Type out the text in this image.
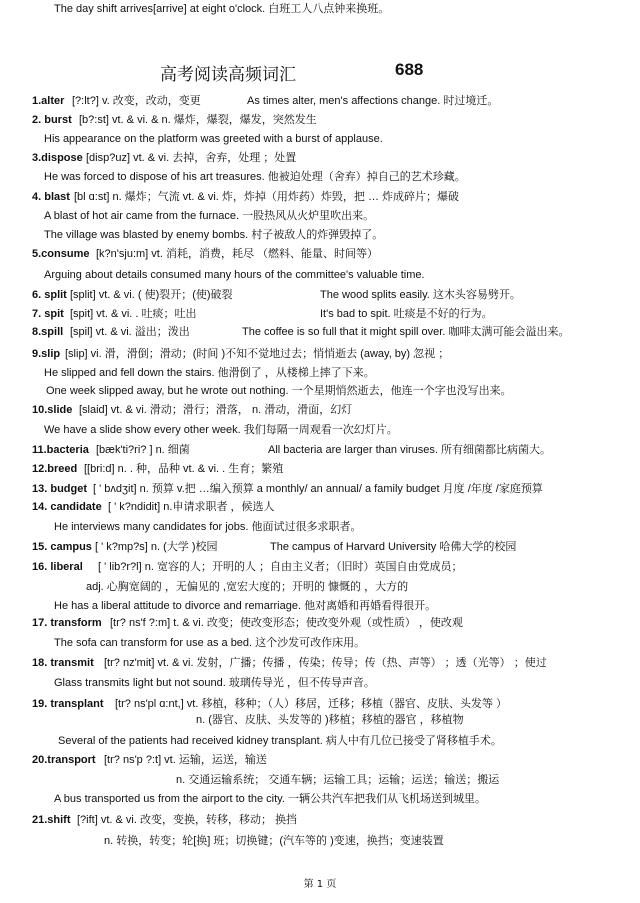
高考阅读高频词汇	688
1.alter [?:lt?] v. 改变，改动，变更	As times alter, men's affections change. 时过境迁。
2. burst [b?:st] vt. & vi. & n. 爆炸，爆裂，爆发，突然发生
His appearance on the platform was greeted with a burst of applause.
3.dispose [disp?uz] vt. & vi. 去掉，舍弃，处理 ；处置
He was forced to dispose of his art treasures. 他被迫处理（舍弃）掉自己的艺术珍藏。
4. blast [bl ɑ:st] n. 爆炸；气流 vt. & vi. 炸，炸掉（用炸药）炸毁，把 … 炸成碎片；爆破
A blast of hot air came from the furnace. 一股热风从火炉里吹出来。
The village was blasted by enemy bombs. 村子被敌人的炸弹毁掉了。
5.consume [k?n'sju:m] vt. 消耗，消费，耗尽 （燃料、能量、时间等）
Arguing about details consumed many hours of the committee's valuable time.
6. split [split] vt. & vi. ( 使)裂开；(使)破裂	The wood splits easily. 这木头容易劈开。
7. spit [spit] vt. & vi. . 吐痰；吐出	It's bad to spit. 吐痰是不好的行为。
8.spill [spil] vt. & vi. 溢出；泼出	The coffee is so full that it might spill over. 咖啡太满可能会溢出来。
9.slip [slip] vi. 滑，滑倒；滑动；(时间 )不知不觉地过去；悄悄逝去 (away, by) 忽视 ；
He slipped and fell down the stairs. 他滑倒了 ，从楼梯上摔了下来。
One week slipped away, but he wrote out nothing. 一个星期悄然逝去，他连一个字也没写出来。
10.slide [slaid] vt. & vi. 滑动；滑行；滑落， n. 滑动，滑面，幻灯
We have a slide show every other week. 我们每隔一周观看一次幻灯片。
11.bacteria [bæk'ti?ri? ] n. 细菌	All bacteria are larger than viruses. 所有细菌都比病菌大。
12.breed [[bri:d] n. . 种，品种 vt. & vi. . 生育；繁殖
13. budget [ ' bʌdʒit] n. 预算 v.把 …编入预算 a monthly/ an annual/ a family budget 月度 /年度 /家庭预算
14. candidate [ ' k?ndidit] n.申请求职者 ，候选人
He interviews many candidates for jobs. 他面试过很多求职者。
15. campus [ ' k?mp?s] n. (大学 )校园	The campus of Harvard University 哈佛大学的校园
16. liberal [ ' lib?r?l] n. 宽容的人；开明的人 ；自由主义者；（旧时）英国自由党成员；
adj. 心胸宽阔的 ，无偏见的 ,宽宏大度的；开明的 慷慨的 ，大方的
He has a liberal attitude to divorce and remarriage. 他对离婚和再婚看得很开。
17. transform [tr? ns'f ?:m] t. & vi. 改变；使改变形态；使改变外观（或性质） ，使改观
The sofa can transform for use as a bed. 这个沙发可改作床用。
18. transmit [tr? nz'mit] vt. & vi. 发射，广播；传播 ，传染；传导；传（热、声等） ；透（光等） ；使过
Glass transmits light but not sound. 玻璃传导光 ，但不传导声音。
19. transplant [tr? ns'pl ɑ:nt,] vt. 移植，移种；（人）移居，迁移；移植（器官、皮肤、头发等 ）
n. (器官、皮肤、头发等的 )移植；移植的器官 ，移植物
Several of the patients had received kidney transplant. 病人中有几位已接受了肾移植手术。
20.transport [tr? ns'p ?:t] vt. 运输，运送，输送
n. 交通运输系统； 交通车辆；运输工具；运输；运送；输送；搬运
A bus transported us from the airport to the city. 一辆公共汽车把我们从飞机场送到城里。
21.shift [?ift] vt. & vi. 改变，变换，转移，移动； 换挡
n. 转换，转变；轮[换] 班；切换键；(汽车等的 )变速，换挡；变速装置
The day shift arrives[arrive] at eight o'clock. 白班工人八点钟来换班。
第 1 页
